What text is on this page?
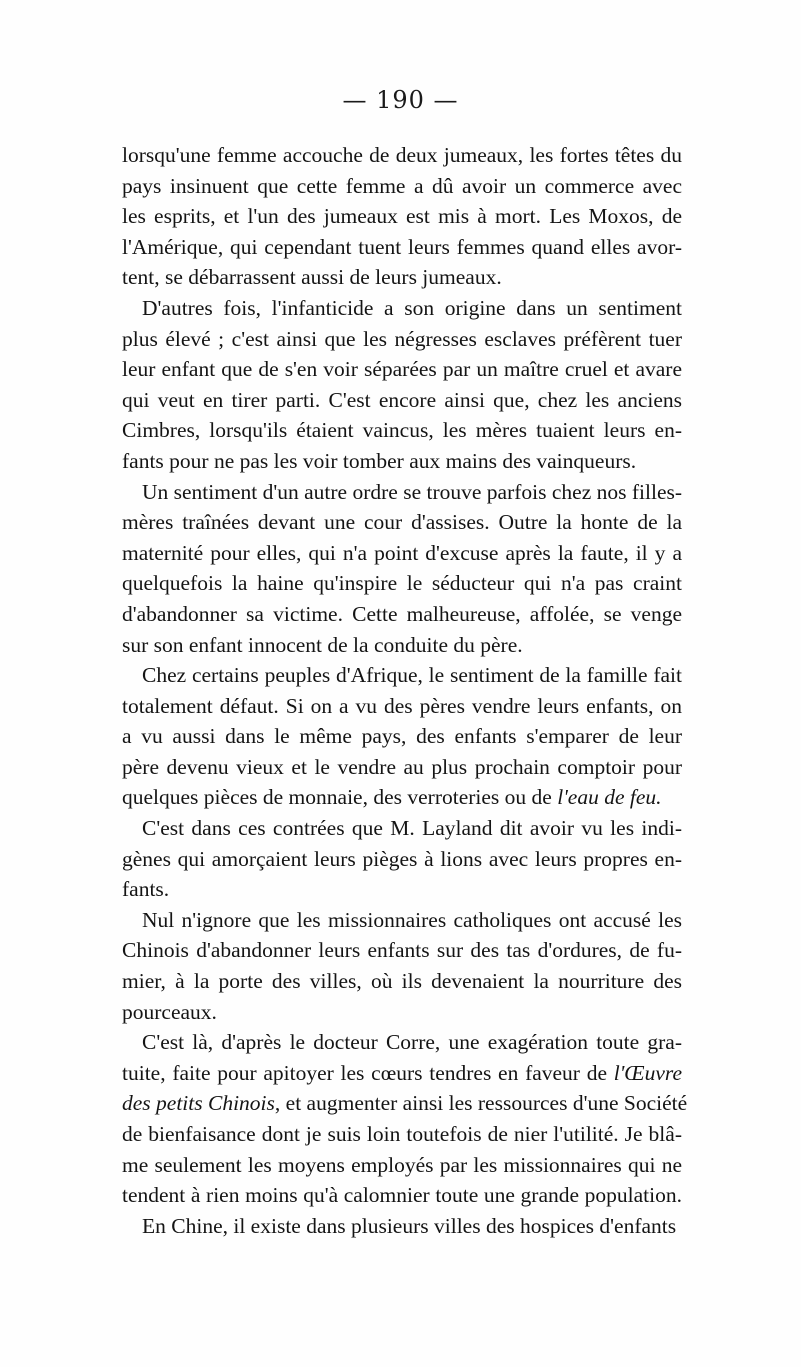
— 190 —
lorsqu'une femme accouche de deux jumeaux, les fortes têtes du
pays insinuent que cette femme a dû avoir un commerce avec
les esprits, et l'un des jumeaux est mis à mort. Les Moxos, de
l'Amérique, qui cependant tuent leurs femmes quand elles avor-
tent, se débarrassent aussi de leurs jumeaux.
D'autres fois, l'infanticide a son origine dans un sentiment
plus élevé ; c'est ainsi que les négresses esclaves préfèrent tuer
leur enfant que de s'en voir séparées par un maître cruel et avare
qui veut en tirer parti. C'est encore ainsi que, chez les anciens
Cimbres, lorsqu'ils étaient vaincus, les mères tuaient leurs en-
fants pour ne pas les voir tomber aux mains des vainqueurs.
Un sentiment d'un autre ordre se trouve parfois chez nos filles-
mères traînées devant une cour d'assises. Outre la honte de la
maternité pour elles, qui n'a point d'excuse après la faute, il y a
quelquefois la haine qu'inspire le séducteur qui n'a pas craint
d'abandonner sa victime. Cette malheureuse, affolée, se venge
sur son enfant innocent de la conduite du père.
Chez certains peuples d'Afrique, le sentiment de la famille fait
totalement défaut. Si on a vu des pères vendre leurs enfants, on
a vu aussi dans le même pays, des enfants s'emparer de leur
père devenu vieux et le vendre au plus prochain comptoir pour
quelques pièces de monnaie, des verroteries ou de l'eau de feu.
C'est dans ces contrées que M. Layland dit avoir vu les indi-
gènes qui amorçaient leurs pièges à lions avec leurs propres en-
fants.
Nul n'ignore que les missionnaires catholiques ont accusé les
Chinois d'abandonner leurs enfants sur des tas d'ordures, de fu-
mier, à la porte des villes, où ils devenaient la nourriture des
pourceaux.
C'est là, d'après le docteur Corre, une exagération toute gra-
tuite, faite pour apitoyer les cœurs tendres en faveur de l'Œuvre
des petits Chinois, et augmenter ainsi les ressources d'une Société
de bienfaisance dont je suis loin toutefois de nier l'utilité. Je blâ-
me seulement les moyens employés par les missionnaires qui ne
tendent à rien moins qu'à calomnier toute une grande population.
En Chine, il existe dans plusieurs villes des hospices d'enfants
